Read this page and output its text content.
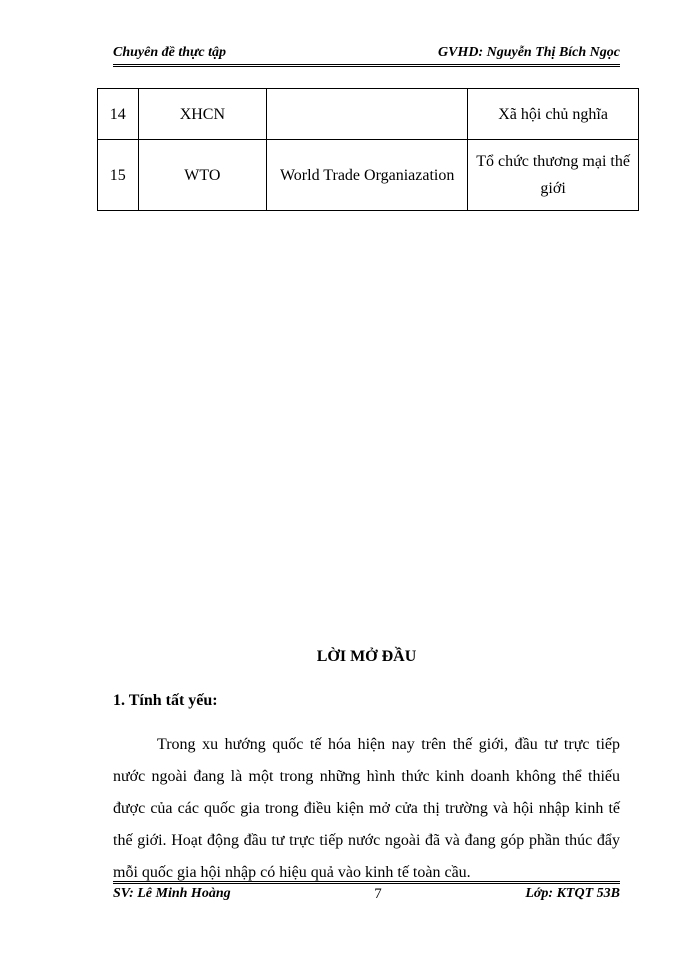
Chuyên đề thực tập	GVHD: Nguyễn Thị Bích Ngọc
14	XHCN		Xã hội chủ nghĩa
15	WTO	World Trade Organiazation	Tổ chức thương mại thế giới
LỜI MỞ ĐẦU
1. Tính tất yếu:

Trong xu hướng quốc tế hóa hiện nay trên thế giới, đầu tư trực tiếp nước ngoài đang là một trong những hình thức kinh doanh không thể thiếu được của các quốc gia trong điều kiện mở cửa thị trường và hội nhập kinh tế thế giới. Hoạt động đầu tư trực tiếp nước ngoài đã và đang góp phần thúc đẩy mỗi quốc gia hội nhập có hiệu quả vào kinh tế toàn cầu.

SV: Lê Minh Hoàng	7	Lớp: KTQT 53B
